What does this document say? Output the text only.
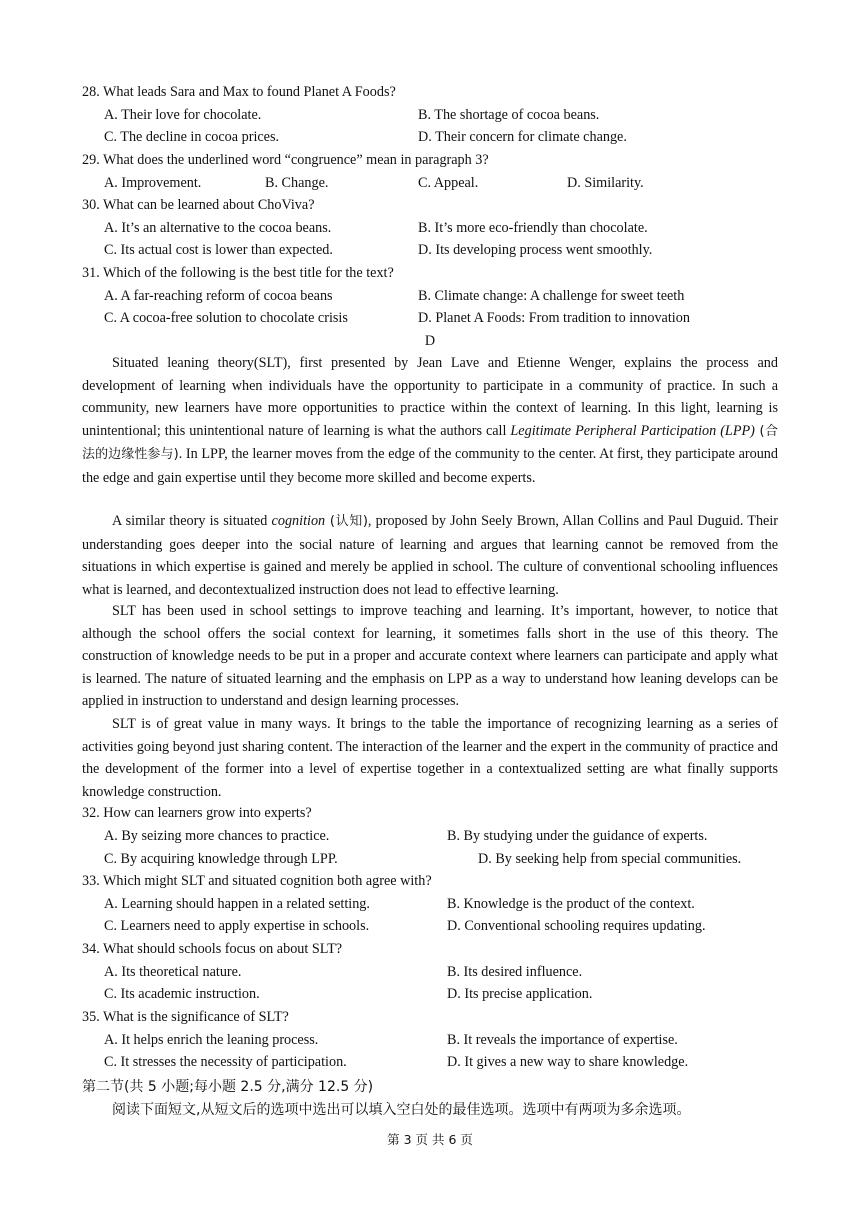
28. What leads Sara and Max to found Planet A Foods?
A. Their love for chocolate.	B. The shortage of cocoa beans.
C. The decline in cocoa prices.	D. Their concern for climate change.
29. What does the underlined word “congruence” mean in paragraph 3?
A. Improvement.	B. Change.	C. Appeal.	D. Similarity.
30. What can be learned about ChoViva?
A. It’s an alternative to the cocoa beans.	B. It’s more eco-friendly than chocolate.
C. Its actual cost is lower than expected.	D. Its developing process went smoothly.
31. Which of the following is the best title for the text?
A. A far-reaching reform of cocoa beans	B. Climate change: A challenge for sweet teeth
C. A cocoa-free solution to chocolate crisis	D. Planet A Foods: From tradition to innovation
D

Situated leaning theory(SLT), first presented by Jean Lave and Etienne Wenger, explains the process and development of learning when individuals have the opportunity to participate in a community of practice. In such a community, new learners have more opportunities to practice within the context of learning. In this light, learning is unintentional; this unintentional nature of learning is what the authors call Legitimate Peripheral Participation (LPP) (合法的边缘性参与). In LPP, the learner moves from the edge of the community to the center. At first, they participate around the edge and gain expertise until they become more skilled and become experts.

A similar theory is situated cognition (认知), proposed by John Seely Brown, Allan Collins and Paul Duguid. Their understanding goes deeper into the social nature of learning and argues that learning cannot be removed from the situations in which expertise is gained and merely be applied in school. The culture of conventional schooling influences what is learned, and decontextualized instruction does not lead to effective learning.

SLT has been used in school settings to improve teaching and learning. It’s important, however, to notice that although the school offers the social context for learning, it sometimes falls short in the use of this theory. The construction of knowledge needs to be put in a proper and accurate context where learners can participate and apply what is learned. The nature of situated learning and the emphasis on LPP as a way to understand how leaning develops can be applied in instruction to understand and design learning processes.

SLT is of great value in many ways. It brings to the table the importance of recognizing learning as a series of activities going beyond just sharing content. The interaction of the learner and the expert in the community of practice and the development of the former into a level of expertise together in a contextualized setting are what finally supports knowledge construction.

32. How can learners grow into experts?
A. By seizing more chances to practice.	B. By studying under the guidance of experts.
C. By acquiring knowledge through LPP.	D. By seeking help from special communities.
33. Which might SLT and situated cognition both agree with?
A. Learning should happen in a related setting.	B. Knowledge is the product of the context.
C. Learners need to apply expertise in schools.	D. Conventional schooling requires updating.
34. What should schools focus on about SLT?
A. Its theoretical nature.	B. Its desired influence.
C. Its academic instruction.	D. Its precise application.
35. What is the significance of SLT?
A. It helps enrich the leaning process.	B. It reveals the importance of expertise.
C. It stresses the necessity of participation.	D. It gives a new way to share knowledge.
第二节(共 5 小题;每小题 2.5 分,满分 12.5 分)
阅读下面短文,从短文后的选项中选出可以填入空白处的最佳选项。选项中有两项为多余选项。
第 3 页 共 6 页
